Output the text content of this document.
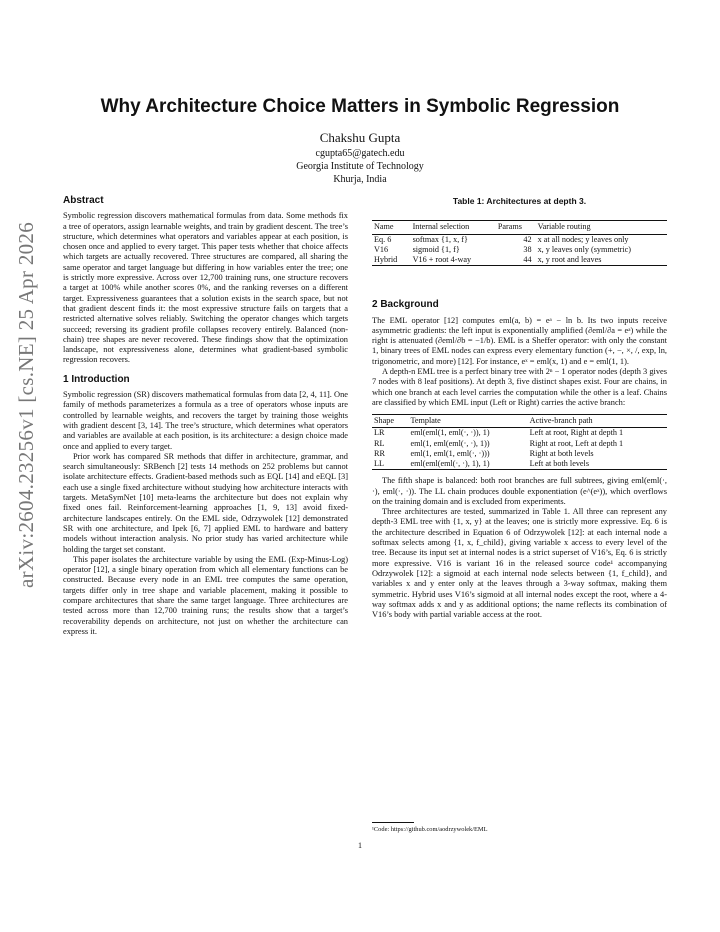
arXiv:2604.23256v1 [cs.NE] 25 Apr 2026
Why Architecture Choice Matters in Symbolic Regression
Chakshu Gupta
cgupta65@gatech.edu
Georgia Institute of Technology
Khurja, India
Abstract

Symbolic regression discovers mathematical formulas from data. Some methods fix a tree of operators, assign learnable weights, and train by gradient descent. The tree’s structure, which determines what operators and variables appear at each position, is chosen once and applied to every target. This paper tests whether that choice affects which targets are actually recovered. Three structures are compared, all sharing the same operator and target language but differing in how variables enter the tree; one is strictly more expressive. Across over 12,700 training runs, one structure recovers a target at 100% while another scores 0%, and the ranking reverses on a different target. Expressiveness guarantees that a solution exists in the search space, but not that gradient descent finds it: the most expressive structure fails on targets that a restricted alternative solves reliably. Switching the operator changes which targets succeed; reversing its gradient profile collapses recovery entirely. Balanced (non-chain) tree shapes are never recovered. These findings show that the optimization landscape, not expressiveness alone, determines what gradient-based symbolic regression recovers.

1 Introduction

Symbolic regression (SR) discovers mathematical formulas from data [2, 4, 11]. One family of methods parameterizes a formula as a tree of operators whose inputs are controlled by learnable weights, and recovers the target by training those weights with gradient descent [3, 14]. The tree’s structure, which determines what operators and variables are available at each position, is its architecture: a design choice made once and applied to every target.

Prior work has compared SR methods that differ in architecture, grammar, and search simultaneously: SRBench [2] tests 14 methods on 252 problems but cannot isolate architecture effects. Gradient-based methods such as EQL [14] and eEQL [3] each use a single fixed architecture without studying how architecture interacts with targets. MetaSymNet [10] meta-learns the architecture but does not explain why fixed ones fail. Reinforcement-learning approaches [1, 9, 13] avoid fixed-architecture landscapes entirely. On the EML side, Odrzywolek [12] demonstrated SR with one architecture, and Ipek [6, 7] applied EML to hardware and battery models without interaction analysis. No prior study has varied architecture while holding the target set constant.

This paper isolates the architecture variable by using the EML (Exp-Minus-Log) operator [12], a single binary operation from which all elementary functions can be constructed. Because every node in an EML tree computes the same operation, targets differ only in tree shape and variable placement, making it possible to compare architectures that share the same target language. Three architectures are tested across more than 12,700 training runs; the results show that a target’s recoverability depends on architecture, not just on whether the architecture can express it.

Table 1: Architectures at depth 3.
Name	Internal selection	Params	Variable routing
Eq. 6	softmax {1, x, f}	42	x at all nodes; y leaves only
V16	sigmoid {1, f}	38	x, y leaves only (symmetric)
Hybrid	V16 + root 4-way	44	x, y root and leaves
2 Background

The EML operator [12] computes eml(a, b) = eᵃ − ln b. Its two inputs receive asymmetric gradients: the left input is exponentially amplified (∂eml/∂a = eᵃ) while the right is attenuated (∂eml/∂b = −1/b). EML is a Sheffer operator: with only the constant 1, binary trees of EML nodes can express every elementary function (+, −, ×, /, exp, ln, trigonometric, and more) [12]. For instance, eˣ = eml(x, 1) and e = eml(1, 1).

A depth-n EML tree is a perfect binary tree with 2ⁿ − 1 operator nodes (depth 3 gives 7 nodes with 8 leaf positions). At depth 3, five distinct shapes exist. Four are chains, in which one branch at each level carries the computation while the other is a leaf. Chains are classified by which EML input (Left or Right) carries the active branch:

Shape	Template	Active-branch path
LR	eml(eml(1, eml(·, ·)), 1)	Left at root, Right at depth 1
RL	eml(1, eml(eml(·, ·), 1))	Right at root, Left at depth 1
RR	eml(1, eml(1, eml(·, ·)))	Right at both levels
LL	eml(eml(eml(·, ·), 1), 1)	Left at both levels

The fifth shape is balanced: both root branches are full subtrees, giving eml(eml(·, ·), eml(·, ·)). The LL chain produces double exponentiation (e^(eˣ)), which overflows on the training domain and is excluded from experiments.

Three architectures are tested, summarized in Table 1. All three can represent any depth-3 EML tree with {1, x, y} at the leaves; one is strictly more expressive. Eq. 6 is the architecture described in Equation 6 of Odrzywolek [12]: at each internal node a softmax selects among {1, x, f_child}, giving variable x access to every level of the tree. Because its input set at internal nodes is a strict superset of V16’s, Eq. 6 is strictly more expressive. V16 is variant 16 in the released source code¹ accompanying Odrzywolek [12]: a sigmoid at each internal node selects between {1, f_child}, and variables x and y enter only at the leaves through a 3-way softmax, making them symmetric. Hybrid uses V16’s sigmoid at all internal nodes except the root, where a 4-way softmax adds x and y as additional options; the name reflects its combination of V16’s body with partial variable access at the root.

¹Code: https://github.com/aodrzywolek/EML
1
